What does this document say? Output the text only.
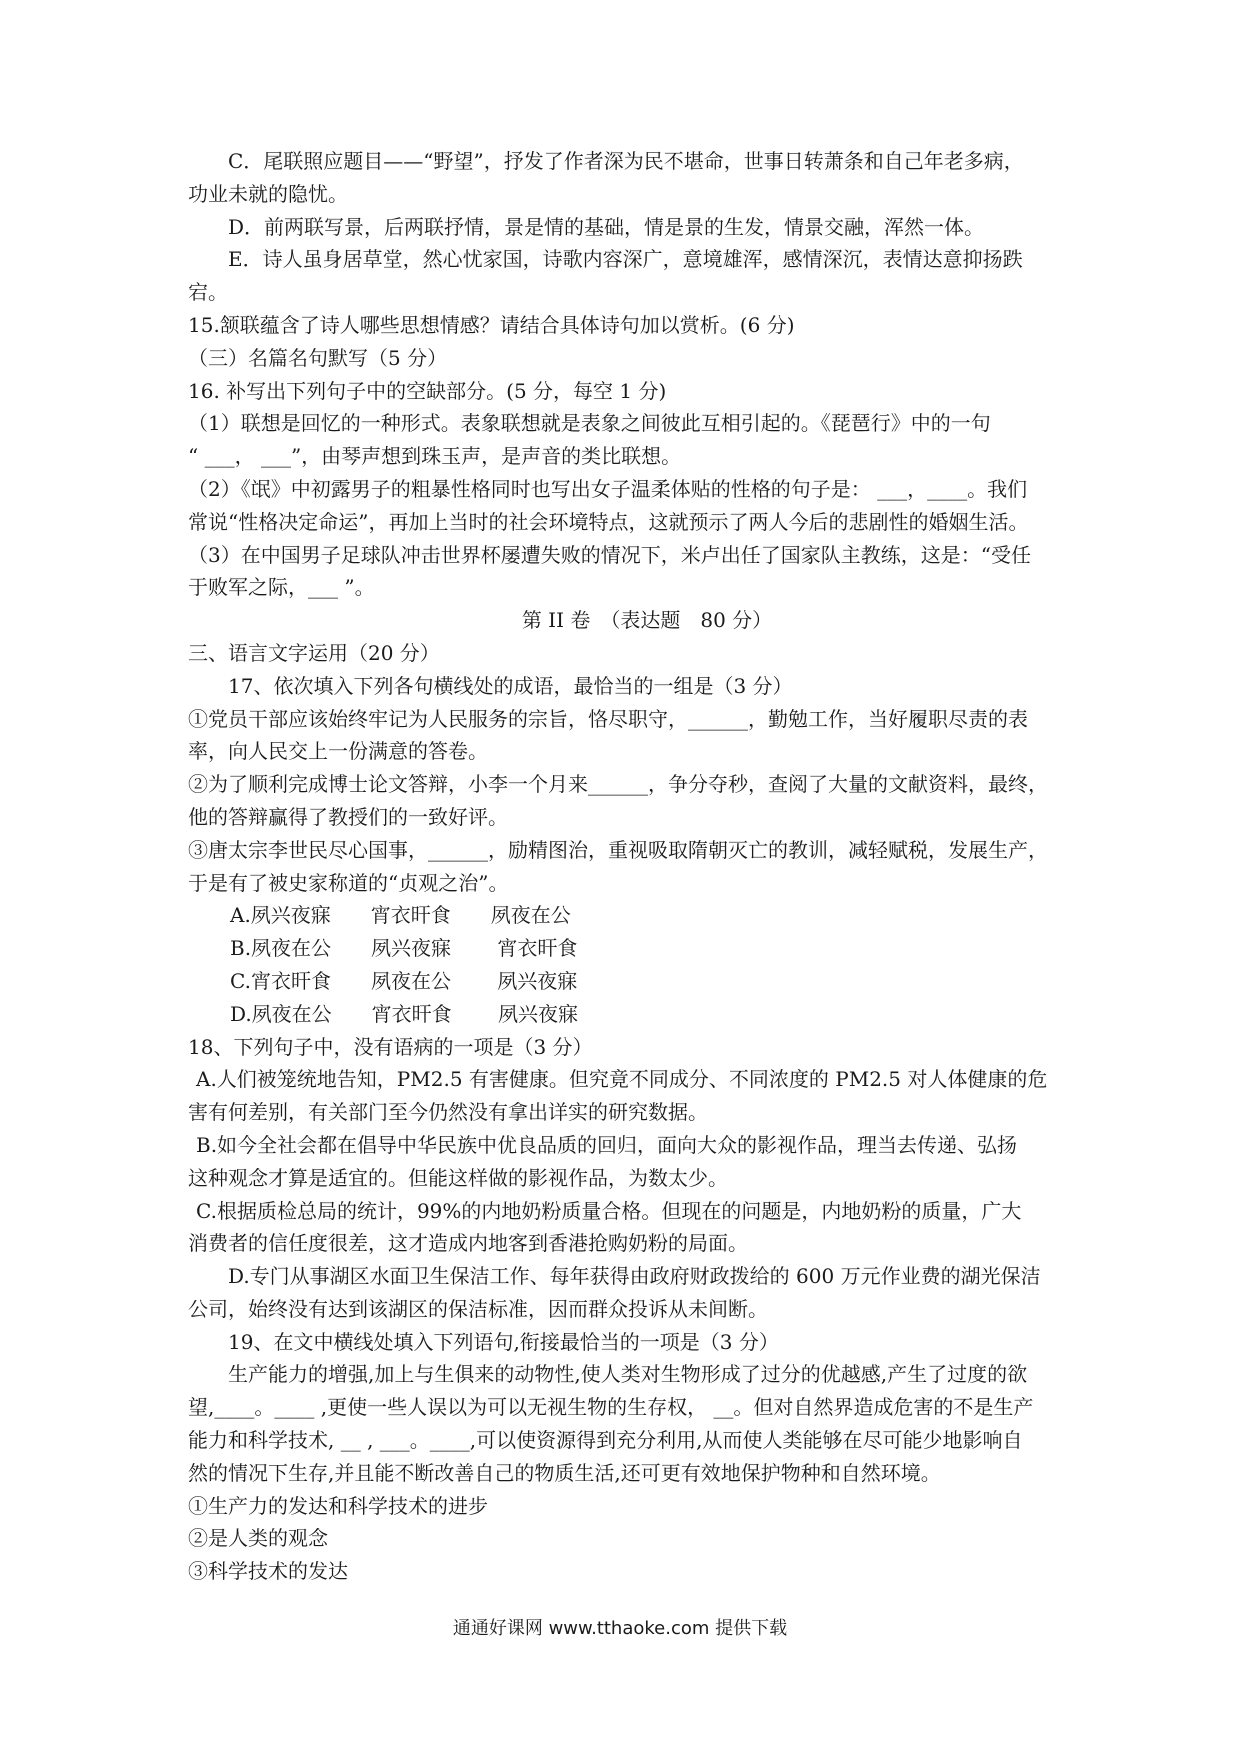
C．尾联照应题目——“野望”，抒发了作者深为民不堪命，世事日转萧条和自己年老多病，

功业未就的隐忧。

D．前两联写景，后两联抒情，景是情的基础，情是景的生发，情景交融，浑然一体。

E．诗人虽身居草堂，然心忧家国，诗歌内容深广，意境雄浑，感情深沉，表情达意抑扬跌

宕。

15.颔联蕴含了诗人哪些思想情感？请结合具体诗句加以赏析。(6 分)

（三）名篇名句默写（5 分）

16. 补写出下列句子中的空缺部分。(5 分，每空 1 分)

（1）联想是回忆的一种形式。表象联想就是表象之间彼此互相引起的。《琵琶行》中的一句

“ ___， ___”，由琴声想到珠玉声，是声音的类比联想。

（2）《氓》中初露男子的粗暴性格同时也写出女子温柔体贴的性格的句子是： ___，____。我们

常说“性格决定命运”，再加上当时的社会环境特点，这就预示了两人今后的悲剧性的婚姻生活。

（3）在中国男子足球队冲击世界杯屡遭失败的情况下，米卢出任了国家队主教练，这是：“受任

于败军之际，___ ”。

第 II 卷　（表达题　80 分）

三、语言文字运用（20 分）

17、依次填入下列各句横线处的成语，最恰当的一组是（3 分）

①党员干部应该始终牢记为人民服务的宗旨，恪尽职守，______，勤勉工作，当好履职尽责的表

率，向人民交上一份满意的答卷。

②为了顺利完成博士论文答辩，小李一个月来______，争分夺秒，查阅了大量的文献资料，最终，

他的答辩赢得了教授们的一致好评。

③唐太宗李世民尽心国事，______，励精图治，重视吸取隋朝灭亡的教训，减轻赋税，发展生产，

于是有了被史家称道的“贞观之治”。

A.夙兴夜寐　　宵衣旰食　　夙夜在公

B.夙夜在公　　夙兴夜寐　　 宵衣旰食

C.宵衣旰食　　夙夜在公　　 夙兴夜寐

D.夙夜在公　　宵衣旰食　　 夙兴夜寐

18、下列句子中，没有语病的一项是（3 分）

A.人们被笼统地告知，PM2.5 有害健康。但究竟不同成分、不同浓度的 PM2.5 对人体健康的危

害有何差别，有关部门至今仍然没有拿出详实的研究数据。

B.如今全社会都在倡导中华民族中优良品质的回归，面向大众的影视作品，理当去传递、弘扬

这种观念才算是适宜的。但能这样做的影视作品，为数太少。

C.根据质检总局的统计，99%的内地奶粉质量合格。但现在的问题是，内地奶粉的质量，广大

消费者的信任度很差，这才造成内地客到香港抢购奶粉的局面。

D.专门从事湖区水面卫生保洁工作、每年获得由政府财政拨给的 600 万元作业费的湖光保洁

公司，始终没有达到该湖区的保洁标准，因而群众投诉从未间断。

19、在文中横线处填入下列语句,衔接最恰当的一项是（3 分）

生产能力的增强,加上与生俱来的动物性,使人类对生物形成了过分的优越感,产生了过度的欲

望,____。____ ,更使一些人误以为可以无视生物的生存权， __。但对自然界造成危害的不是生产

能力和科学技术, __ , ___。____,可以使资源得到充分利用,从而使人类能够在尽可能少地影响自

然的情况下生存,并且能不断改善自己的物质生活,还可更有效地保护物种和自然环境。

①生产力的发达和科学技术的进步

②是人类的观念

③科学技术的发达

通通好课网 www.tthaoke.com 提供下载
